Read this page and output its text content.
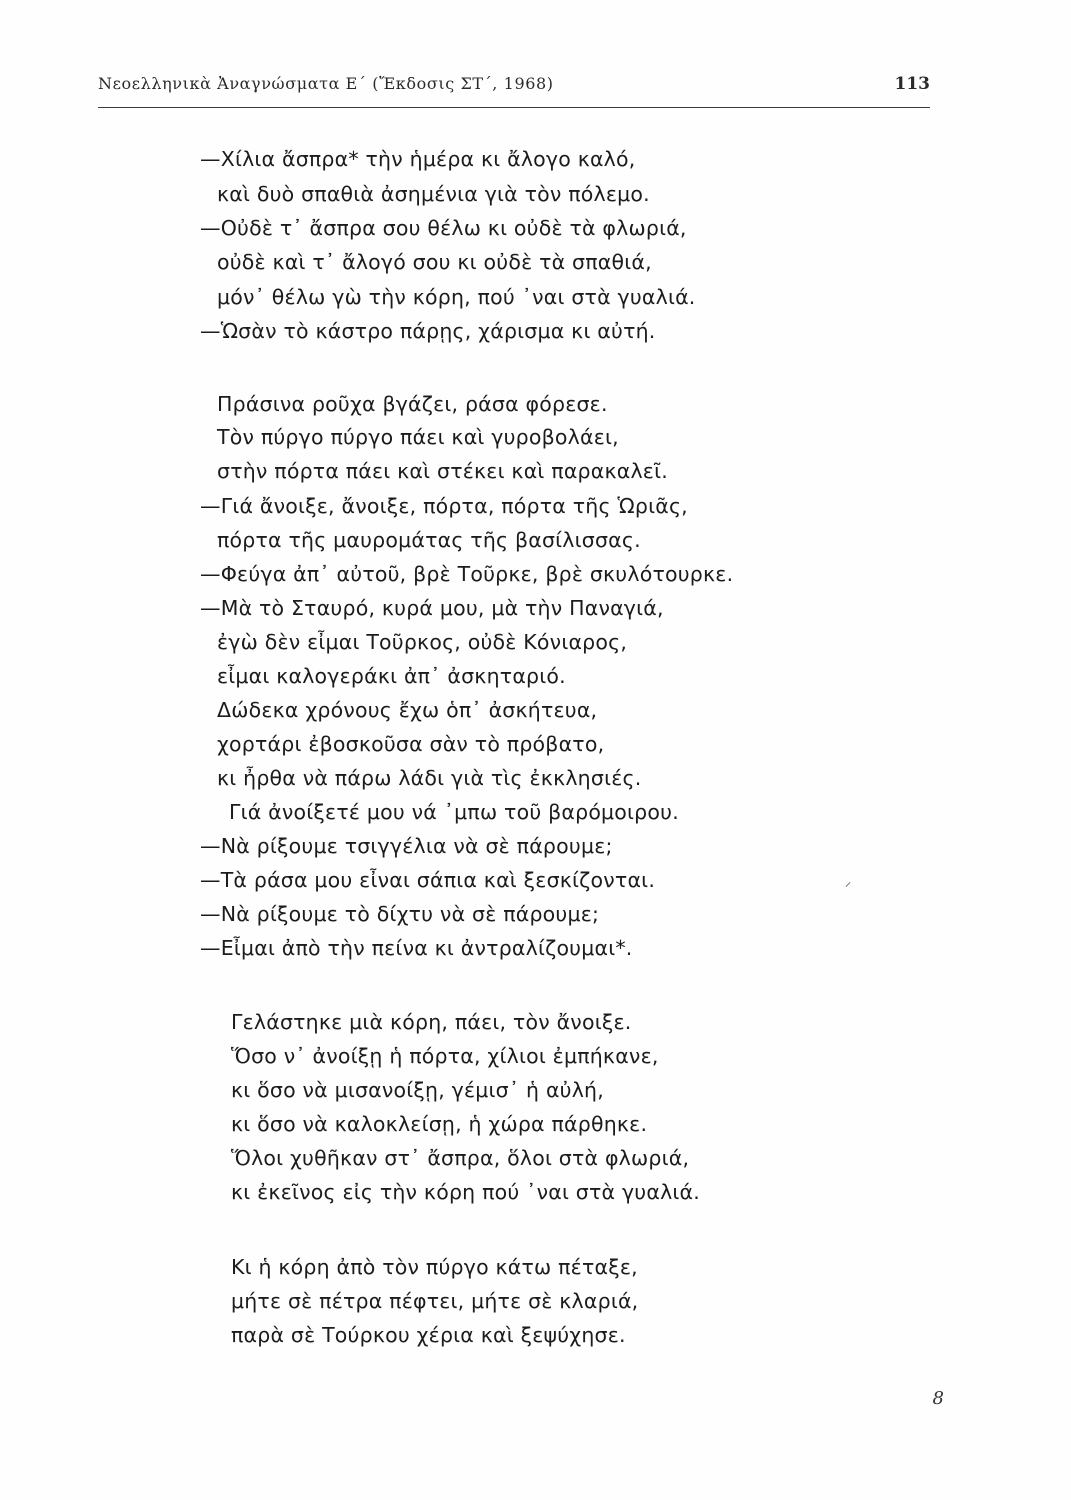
Νεοελληνικὰ Ἀναγνώσματα Ε΄ (Ἔκδοσις ΣΤ΄, 1968)	113
—Χίλια ἄσπρα* τὴν ἡμέρα κι ἄλογο καλό,
καὶ δυὸ σπαθιὰ ἀσημένια γιὰ τὸν πόλεμο.
—Οὐδὲ τ᾽ ἄσπρα σου θέλω κι οὐδὲ τὰ φλωριά,
οὐδὲ καὶ τ᾽ ἄλογό σου κι οὐδὲ τὰ σπαθιά,
μόν᾽ θέλω γὼ τὴν κόρη, πού ᾽ναι στὰ γυαλιά.
—Ὡσὰν τὸ κάστρο πάρῃς, χάρισμα κι αὐτή.
Πράσινα ροῦχα βγάζει, ράσα φόρεσε.
Τὸν πύργο πύργο πάει καὶ γυροβολάει,
στὴν πόρτα πάει καὶ στέκει καὶ παρακαλεῖ.
—Γιά ἄνοιξε, ἄνοιξε, πόρτα, πόρτα τῆς Ὡριᾶς,
πόρτα τῆς μαυρομάτας τῆς βασίλισσας.
—Φεύγα ἀπ᾽ αὐτοῦ, βρὲ Τοῦρκε, βρὲ σκυλότουρκε.
—Μὰ τὸ Σταυρό, κυρά μου, μὰ τὴν Παναγιά,
ἐγὼ δὲν εἶμαι Τοῦρκος, οὐδὲ Κόνιαρος,
εἶμαι καλογεράκι ἀπ᾽ ἀσκηταριό.
Δώδεκα χρόνους ἔχω ὁπ᾽ ἀσκήτευα,
χορτάρι ἐβοσκοῦσα σὰν τὸ πρόβατο,
κι ἦρθα νὰ πάρω λάδι γιὰ τὶς ἐκκλησιές.
Γιά ἀνοίξετέ μου νά ᾽μπω τοῦ βαρόμοιρου.
—Νὰ ρίξουμε τσιγγέλια νὰ σὲ πάρουμε;
—Τὰ ράσα μου εἶναι σάπια καὶ ξεσκίζονται.
—Νὰ ρίξουμε τὸ δίχτυ νὰ σὲ πάρουμε;
—Εἶμαι ἀπὸ τὴν πείνα κι ἀντραλίζουμαι*.
Γελάστηκε μιὰ κόρη, πάει, τὸν ἄνοιξε.
Ὅσο ν᾽ ἀνοίξῃ ἡ πόρτα, χίλιοι ἐμπήκανε,
κι ὅσο νὰ μισανοίξῃ, γέμισ᾽ ἡ αὐλή,
κι ὅσο νὰ καλοκλείσῃ, ἡ χώρα πάρθηκε.
Ὅλοι χυθῆκαν στ᾽ ἄσπρα, ὅλοι στὰ φλωριά,
κι ἐκεῖνος εἰς τὴν κόρη πού ᾽ναι στὰ γυαλιά.
Κι ἡ κόρη ἀπὸ τὸν πύργο κάτω πέταξε,
μήτε σὲ πέτρα πέφτει, μήτε σὲ κλαριά,
παρὰ σὲ Τούρκου χέρια καὶ ξεψύχησε.
8
